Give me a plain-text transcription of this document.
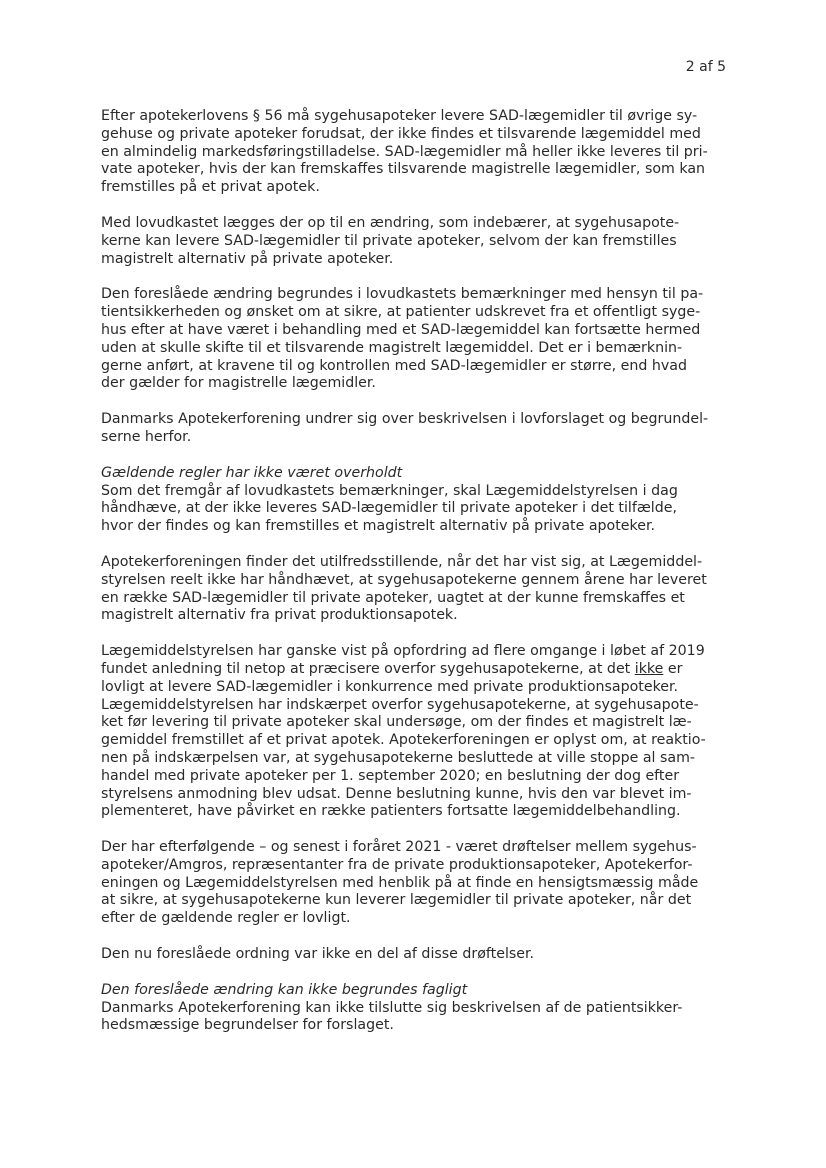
2 af 5

Efter apotekerlovens § 56 må sygehusapoteker levere SAD-lægemidler til øvrige sy-
gehuse og private apoteker forudsat, der ikke findes et tilsvarende lægemiddel med
en almindelig markedsføringstilladelse. SAD-lægemidler må heller ikke leveres til pri-
vate apoteker, hvis der kan fremskaffes tilsvarende magistrelle lægemidler, som kan
fremstilles på et privat apotek.

Med lovudkastet lægges der op til en ændring, som indebærer, at sygehusapote-
kerne kan levere SAD-lægemidler til private apoteker, selvom der kan fremstilles
magistrelt alternativ på private apoteker.

Den foreslåede ændring begrundes i lovudkastets bemærkninger med hensyn til pa-
tientsikkerheden og ønsket om at sikre, at patienter udskrevet fra et offentligt syge-
hus efter at have været i behandling med et SAD-lægemiddel kan fortsætte hermed
uden at skulle skifte til et tilsvarende magistrelt lægemiddel. Det er i bemærknin-
gerne anført, at kravene til og kontrollen med SAD-lægemidler er større, end hvad
der gælder for magistrelle lægemidler.

Danmarks Apotekerforening undrer sig over beskrivelsen i lovforslaget og begrundel-
serne herfor.

Gældende regler har ikke været overholdt
Som det fremgår af lovudkastets bemærkninger, skal Lægemiddelstyrelsen i dag
håndhæve, at der ikke leveres SAD-lægemidler til private apoteker i det tilfælde,
hvor der findes og kan fremstilles et magistrelt alternativ på private apoteker.

Apotekerforeningen finder det utilfredsstillende, når det har vist sig, at Lægemiddel-
styrelsen reelt ikke har håndhævet, at sygehusapotekerne gennem årene har leveret
en række SAD-lægemidler til private apoteker, uagtet at der kunne fremskaffes et
magistrelt alternativ fra privat produktionsapotek.

Lægemiddelstyrelsen har ganske vist på opfordring ad flere omgange i løbet af 2019
fundet anledning til netop at præcisere overfor sygehusapotekerne, at det ikke er
lovligt at levere SAD-lægemidler i konkurrence med private produktionsapoteker.
Lægemiddelstyrelsen har indskærpet overfor sygehusapotekerne, at sygehusapote-
ket før levering til private apoteker skal undersøge, om der findes et magistrelt læ-
gemiddel fremstillet af et privat apotek. Apotekerforeningen er oplyst om, at reaktio-
nen på indskærpelsen var, at sygehusapotekerne besluttede at ville stoppe al sam-
handel med private apoteker per 1. september 2020; en beslutning der dog efter
styrelsens anmodning blev udsat. Denne beslutning kunne, hvis den var blevet im-
plementeret, have påvirket en række patienters fortsatte lægemiddelbehandling.

Der har efterfølgende – og senest i foråret 2021 - været drøftelser mellem sygehus-
apoteker/Amgros, repræsentanter fra de private produktionsapoteker, Apotekerfor-
eningen og Lægemiddelstyrelsen med henblik på at finde en hensigtsmæssig måde
at sikre, at sygehusapotekerne kun leverer lægemidler til private apoteker, når det
efter de gældende regler er lovligt.

Den nu foreslåede ordning var ikke en del af disse drøftelser.

Den foreslåede ændring kan ikke begrundes fagligt
Danmarks Apotekerforening kan ikke tilslutte sig beskrivelsen af de patientsikker-
hedsmæssige begrundelser for forslaget.
